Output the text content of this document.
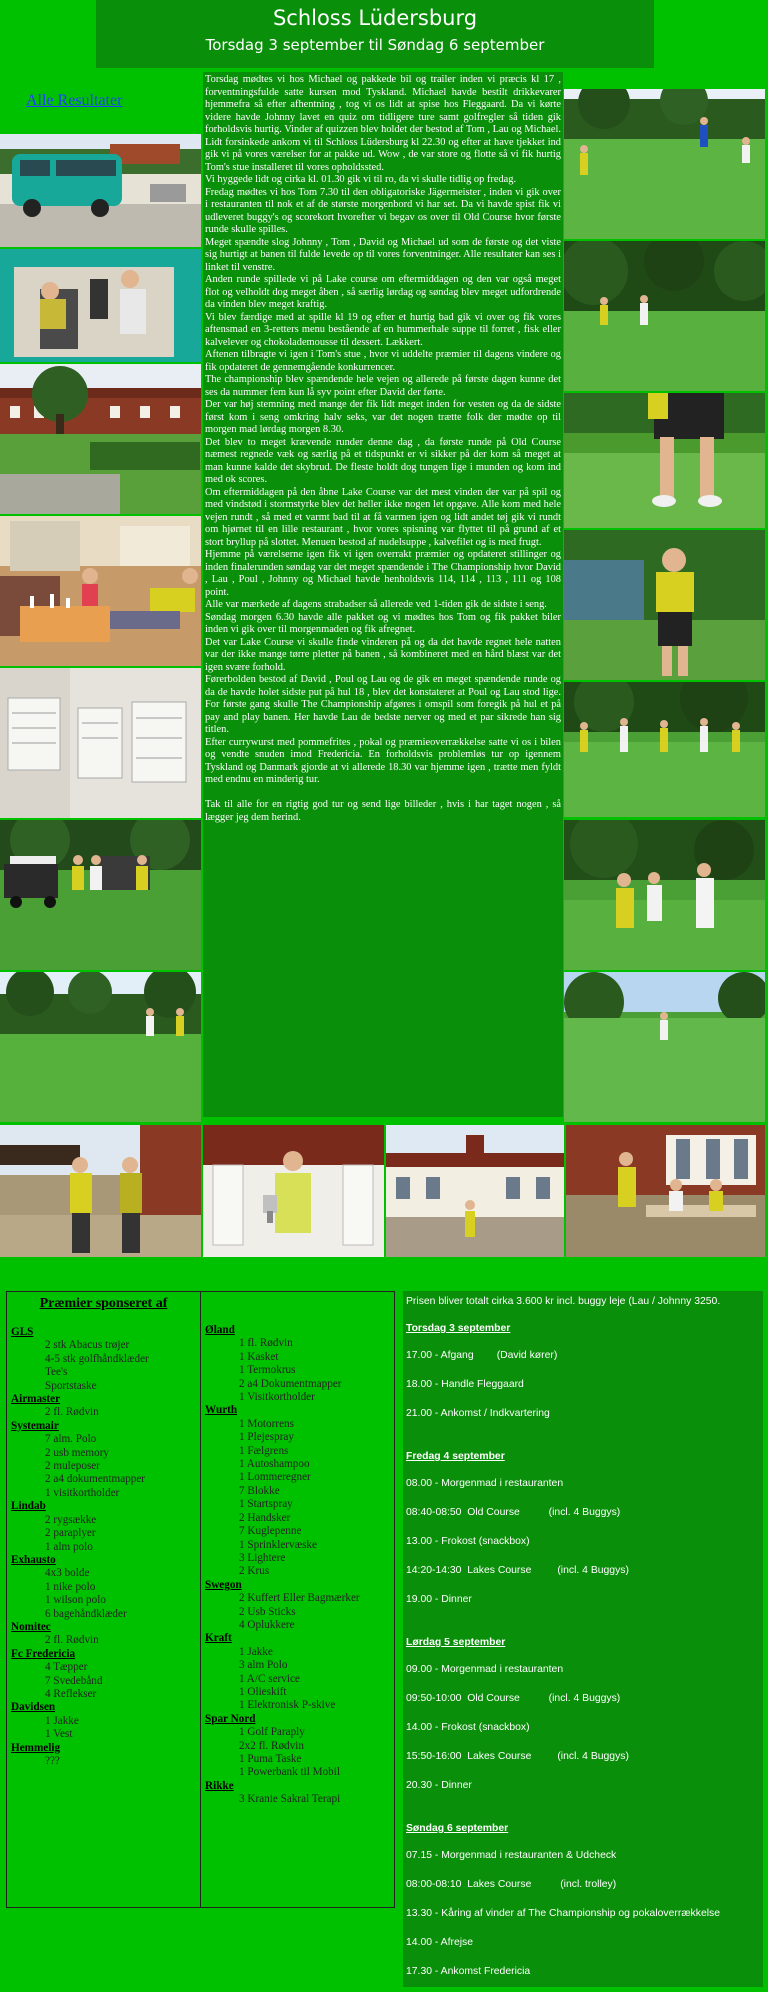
Schloss Lüdersburg
Torsdag 3 september til Søndag 6 september
Alle Resultater

Torsdag mødtes vi hos Michael og pakkede bil og trailer inden vi præcis kl 17 , forventningsfulde satte kursen mod Tyskland. Michael havde bestilt drikkevarer hjemmefra så efter afhentning , tog vi os lidt at spise hos Fleggaard. Da vi kørte videre havde Johnny lavet en quiz om tidligere ture samt golfregler så tiden gik forholdsvis hurtig. Vinder af quizzen blev holdet der bestod af Tom , Lau og Michael. Lidt forsinkede ankom vi til Schloss Lüdersburg kl 22.30 og efter at have tjekket ind gik vi på vores værelser for at pakke ud. Wow , de var store og flotte så vi fik hurtig Tom's stue installeret til vores opholdssted.

Vi hyggede lidt og cirka kl. 01.30 gik vi til ro, da vi skulle tidlig op fredag.

Fredag mødtes vi hos Tom 7.30 til den obligatoriske Jägermeister , inden vi gik over i restauranten til nok et af de største morgenbord vi har set. Da vi havde spist fik vi udleveret buggy's og scorekort hvorefter vi begav os over til Old Course hvor første runde skulle spilles.

Meget spændte slog Johnny , Tom , David og Michael ud som de første og det viste sig hurtigt at banen til fulde levede op til vores forventninger. Alle resultater kan ses i linket til venstre.

Anden runde spillede vi på Lake course om eftermiddagen og den var også meget flot og velholdt dog meget åben , så særlig lørdag og søndag blev meget udfordrende da vinden blev meget kraftig.

Vi blev færdige med at spille kl 19 og efter et hurtig bad gik vi over og fik vores aftensmad en 3-retters menu bestående af en hummerhale suppe til forret , fisk eller kalvelever og chokolademousse til dessert. Lækkert.

Aftenen tilbragte vi igen i Tom's stue , hvor vi uddelte præmier til dagens vindere og fik opdateret de gennemgående konkurrencer.

The championship blev spændende hele vejen og allerede på første dagen kunne det ses da nummer fem kun lå syv point efter David der førte.

Der var høj stemning med mange der fik lidt meget inden for vesten og da de sidste først kom i seng omkring halv seks, var det nogen trætte folk der mødte op til morgen mad lørdag morgen 8.30.

Det blev to meget krævende runder denne dag , da første runde på Old Course næmest regnede væk og særlig på et tidspunkt er vi sikker på der kom så meget at man kunne kalde det skybrud. De fleste holdt dog tungen lige i munden og kom ind med ok scores.

Om eftermiddagen på den åbne Lake Course var det mest vinden der var på spil og med vindstød i stormstyrke blev det heller ikke nogen let opgave. Alle kom med hele vejen rundt , så med et varmt bad til at få varmen igen og lidt andet tøj gik vi rundt om hjørnet til en lille restaurant , hvor vores spisning var flyttet til på grund af et stort bryllup på slottet. Menuen bestod af nudelsuppe , kalvefilet og is med frugt.

Hjemme på værelserne igen fik vi igen overrakt præmier og opdateret stillinger og inden finalerunden søndag var det meget spændende i The Championship hvor David , Lau , Poul , Johnny og Michael havde henholdsvis 114, 114 , 113 , 111 og 108 point.

Alle var mærkede af dagens strabadser så allerede ved 1-tiden gik de sidste i seng.

Søndag morgen 6.30 havde alle pakket og vi mødtes hos Tom og fik pakket biler inden vi gik over til morgenmaden og fik afregnet.

Det var Lake Course vi skulle finde vinderen på og da det havde regnet hele natten var der ikke mange tørre pletter på banen , så kombineret med en hård blæst var det igen svære forhold.

Førerbolden bestod af David , Poul og Lau og de gik en meget spændende runde og da de havde holet sidste put på hul 18 , blev det konstateret at Poul og Lau stod lige. For første gang skulle The Championship afgøres i omspil som foregik på hul et på pay and play banen. Her havde Lau de bedste nerver og med et par sikrede han sig titlen.

Efter currywurst med pommefrites , pokal og præmieoverrækkelse satte vi os i bilen og vendte snuden imod Fredericia. En forholdsvis problemløs tur op igennem Tyskland og Danmark gjorde at vi allerede 18.30 var hjemme igen , trætte men fyldt med endnu en minderig tur.

Tak til alle for en rigtig god tur og send lige billeder , hvis i har taget nogen , så lægger jeg dem herind.

Præmier sponseret af
GLS
2 stk Abacus trøjer
4-5 stk golfhåndklæder
Tee's
Sportstaske
Airmaster
2 fl. Rødvin
Systemair
7 alm. Polo
2 usb memory
2 muleposer
2 a4 dokumentmapper
1 visitkortholder
Lindab
2 rygsække
2 paraplyer
1 alm polo
Exhausto
4x3 bolde
1 nike polo
1 wilson polo
6 bagehåndklæder
Nomitec
2 fl. Rødvin
Fc Fredericia
4 Tæpper
7 Svedebånd
4 Reflekser
Davidsen
1 Jakke
1 Vest
Hemmelig
???
Øland
1 fl. Rødvin
1 Kasket
1 Termokrus
2 a4 Dokumentmapper
1 Visitkortholder
Wurth
1 Motorrens
1 Plejespray
1 Fælgrens
1 Autoshampoo
1 Lommeregner
7 Blokke
1 Startspray
2 Handsker
7 Kuglepenne
1 Sprinklervæske
3 Lightere
2 Krus
Swegon
2 Kuffert Eller Bagmærker
2 Usb Sticks
4 Oplukkere
Kraft
1 Jakke
3 alm Polo
1 A/C service
1 Olieskift
1 Elektronisk P-skive
Spar Nord
1 Golf Paraply
2x2 fl. Rødvin
1 Puma Taske
1 Powerbank til Mobil
Rikke
3 Kranie Sakral Terapi
Prisen bliver totalt cirka 3.600 kr incl. buggy leje (Lau / Johnny 3250.
Torsdag 3 september
17.00 - Afgang        (David kører)
18.00 - Handle Fleggaard
21.00 - Ankomst / Indkvartering
Fredag 4 september
08.00 - Morgenmad i restauranten
08:40-08:50  Old Course          (incl. 4 Buggys)
13.00 - Frokost (snackbox)
14:20-14:30  Lakes Course         (incl. 4 Buggys)
19.00 - Dinner
Lørdag 5 september
09.00 - Morgenmad i restauranten
09:50-10:00  Old Course          (incl. 4 Buggys)
14.00 - Frokost (snackbox)
15:50-16:00  Lakes Course         (incl. 4 Buggys)
20.30 - Dinner
Søndag 6 september
07.15 - Morgenmad i restauranten & Udcheck
08:00-08:10  Lakes Course          (incl. trolley)
13.30 - Kåring af vinder af The Championship og pokaloverrækkelse
14.00 - Afrejse
17.30 - Ankomst Fredericia
